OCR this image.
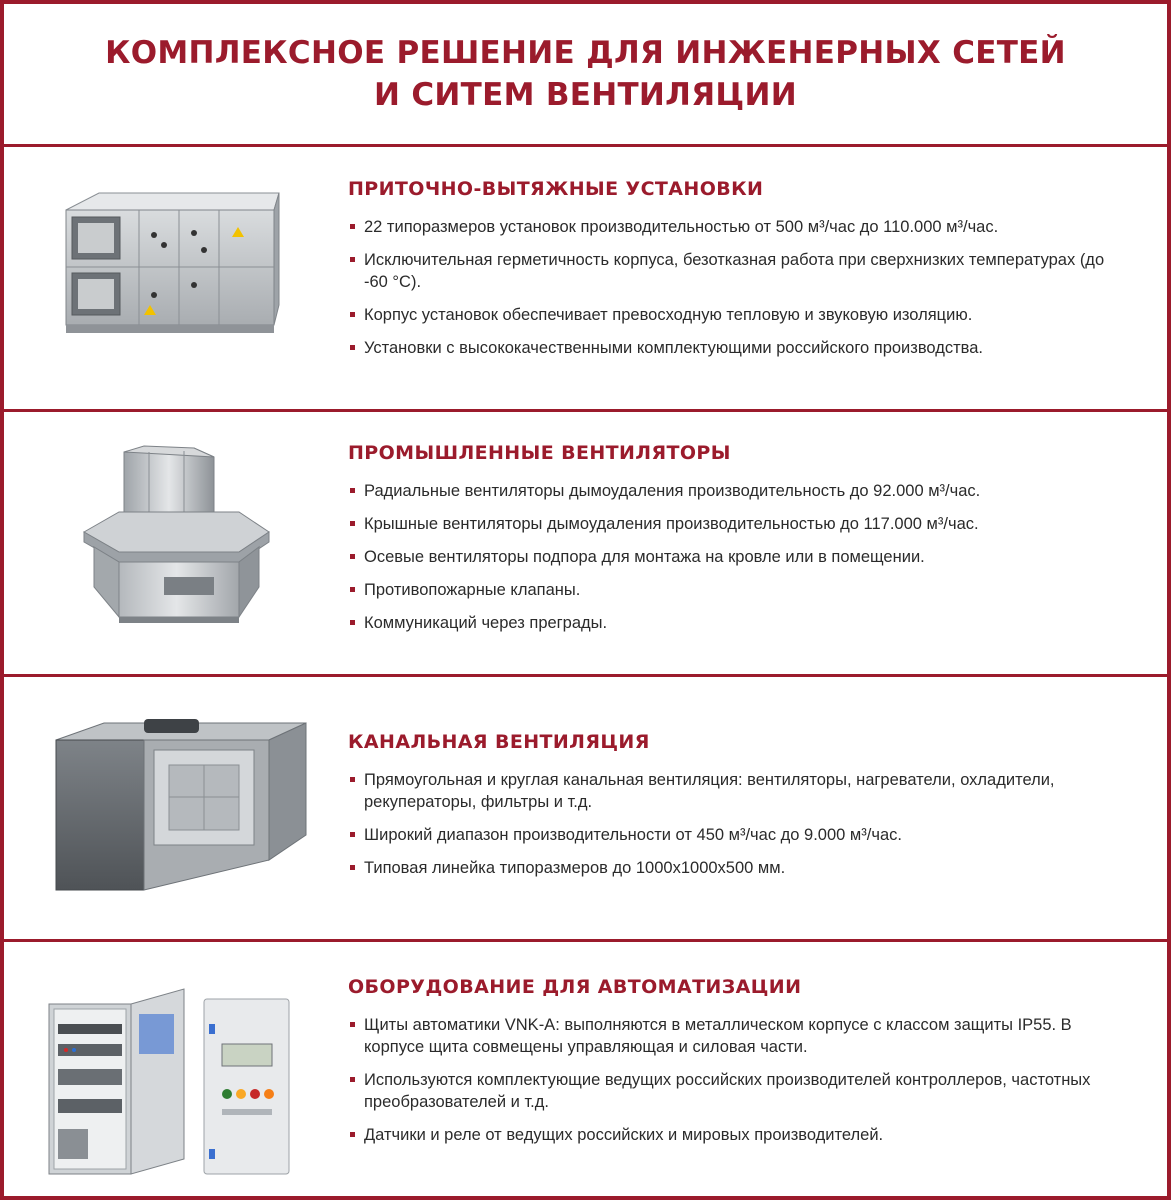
КОМПЛЕКСНОЕ РЕШЕНИЕ ДЛЯ ИНЖЕНЕРНЫХ СЕТЕЙ
И СИТЕМ ВЕНТИЛЯЦИИ
ПРИТОЧНО-ВЫТЯЖНЫЕ УСТАНОВКИ
22 типоразмеров установок производительностью от 500 м³/час до 110.000 м³/час.
Исключительная герметичность корпуса, безотказная работа при сверхнизких температурах (до -60 °С).
Корпус установок обеспечивает превосходную тепловую и звуковую изоляцию.
Установки с высококачественными комплектующими российского производства.
ПРОМЫШЛЕННЫЕ ВЕНТИЛЯТОРЫ
Радиальные вентиляторы дымоудаления производительность до 92.000 м³/час.
Крышные вентиляторы дымоудаления производительностью до 117.000 м³/час.
Осевые вентиляторы подпора для монтажа на кровле или в помещении.
Противопожарные клапаны.
Коммуникаций через преграды.
КАНАЛЬНАЯ ВЕНТИЛЯЦИЯ
Прямоугольная и круглая канальная вентиляция: вентиляторы, нагреватели, охладители, рекуператоры, фильтры и т.д.
Широкий диапазон производительности от 450 м³/час до 9.000 м³/час.
Типовая линейка типоразмеров до 1000х1000х500 мм.
ОБОРУДОВАНИЕ ДЛЯ АВТОМАТИЗАЦИИ
Щиты автоматики VNK-A: выполняются в металлическом корпусе с классом защиты IP55. В корпусе щита совмещены управляющая и силовая части.
Используются комплектующие ведущих российских производителей контроллеров, частотных преобразователей и т.д.
Датчики и реле от ведущих российских и мировых производителей.
